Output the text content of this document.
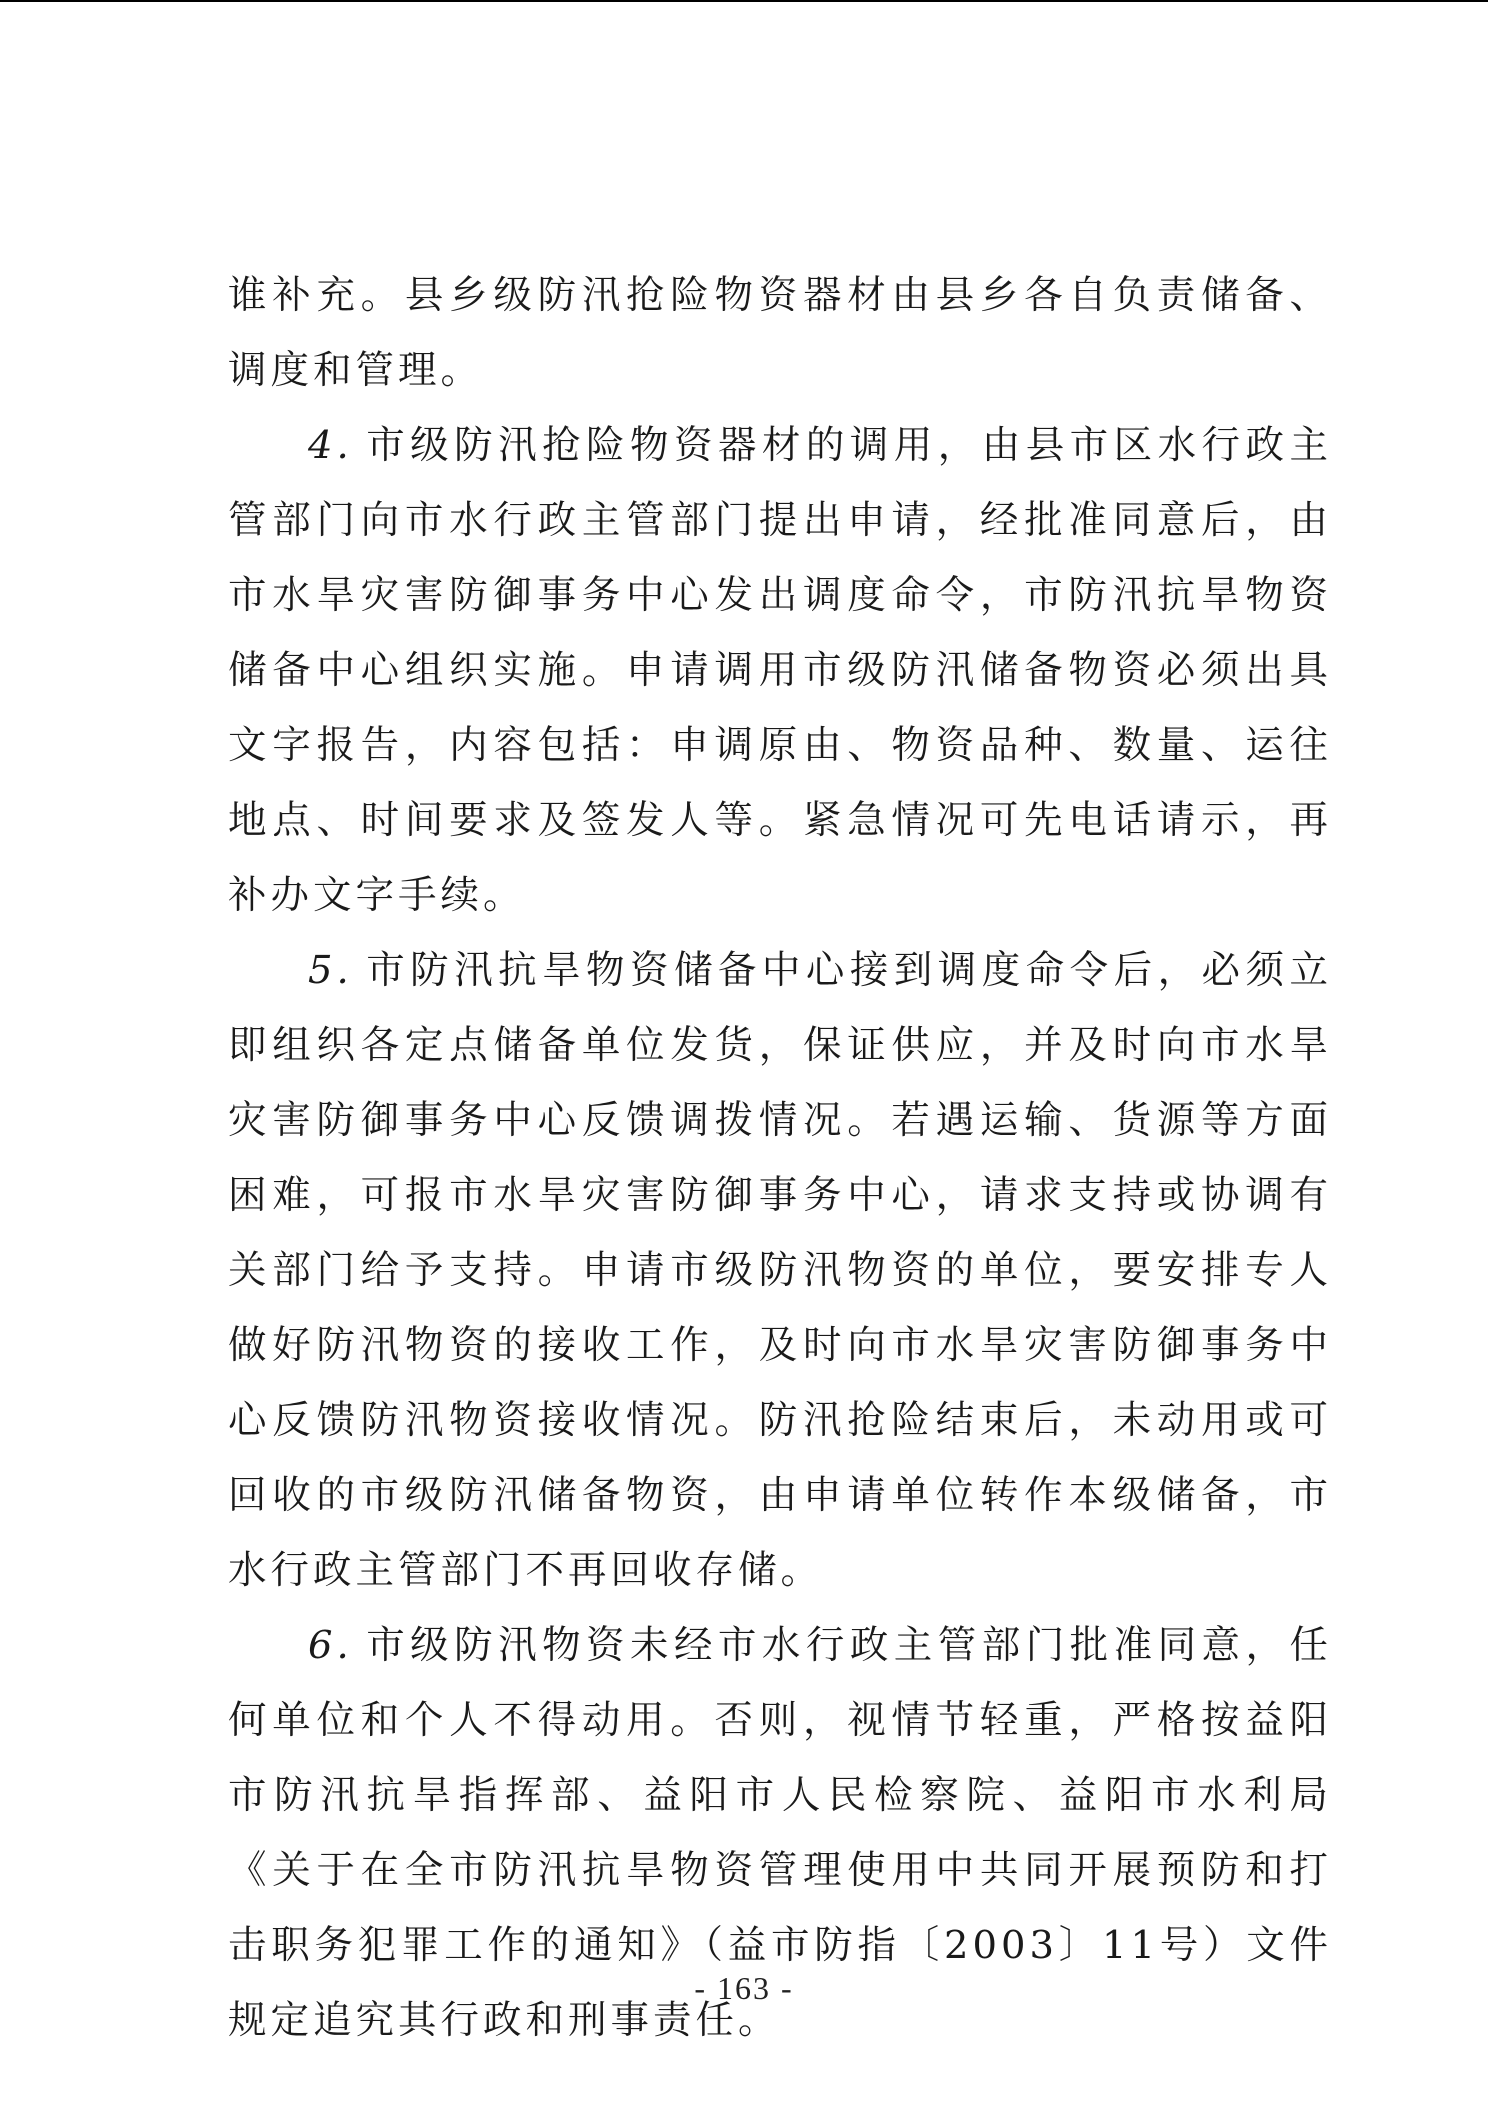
谁补充。县乡级防汛抢险物资器材由县乡各自负责储备、调度和管理。

4. 市级防汛抢险物资器材的调用，由县市区水行政主管部门向市水行政主管部门提出申请，经批准同意后，由市水旱灾害防御事务中心发出调度命令，市防汛抗旱物资储备中心组织实施。申请调用市级防汛储备物资必须出具文字报告，内容包括：申调原由、物资品种、数量、运往地点、时间要求及签发人等。紧急情况可先电话请示，再补办文字手续。

5. 市防汛抗旱物资储备中心接到调度命令后，必须立即组织各定点储备单位发货，保证供应，并及时向市水旱灾害防御事务中心反馈调拨情况。若遇运输、货源等方面困难，可报市水旱灾害防御事务中心，请求支持或协调有关部门给予支持。申请市级防汛物资的单位，要安排专人做好防汛物资的接收工作，及时向市水旱灾害防御事务中心反馈防汛物资接收情况。防汛抢险结束后，未动用或可回收的市级防汛储备物资，由申请单位转作本级储备，市水行政主管部门不再回收存储。

6. 市级防汛物资未经市水行政主管部门批准同意，任何单位和个人不得动用。否则，视情节轻重，严格按益阳市防汛抗旱指挥部、益阳市人民检察院、益阳市水利局《关于在全市防汛抗旱物资管理使用中共同开展预防和打击职务犯罪工作的通知》（益市防指〔2003〕11号）文件规定追究其行政和刑事责任。

- 163 -
